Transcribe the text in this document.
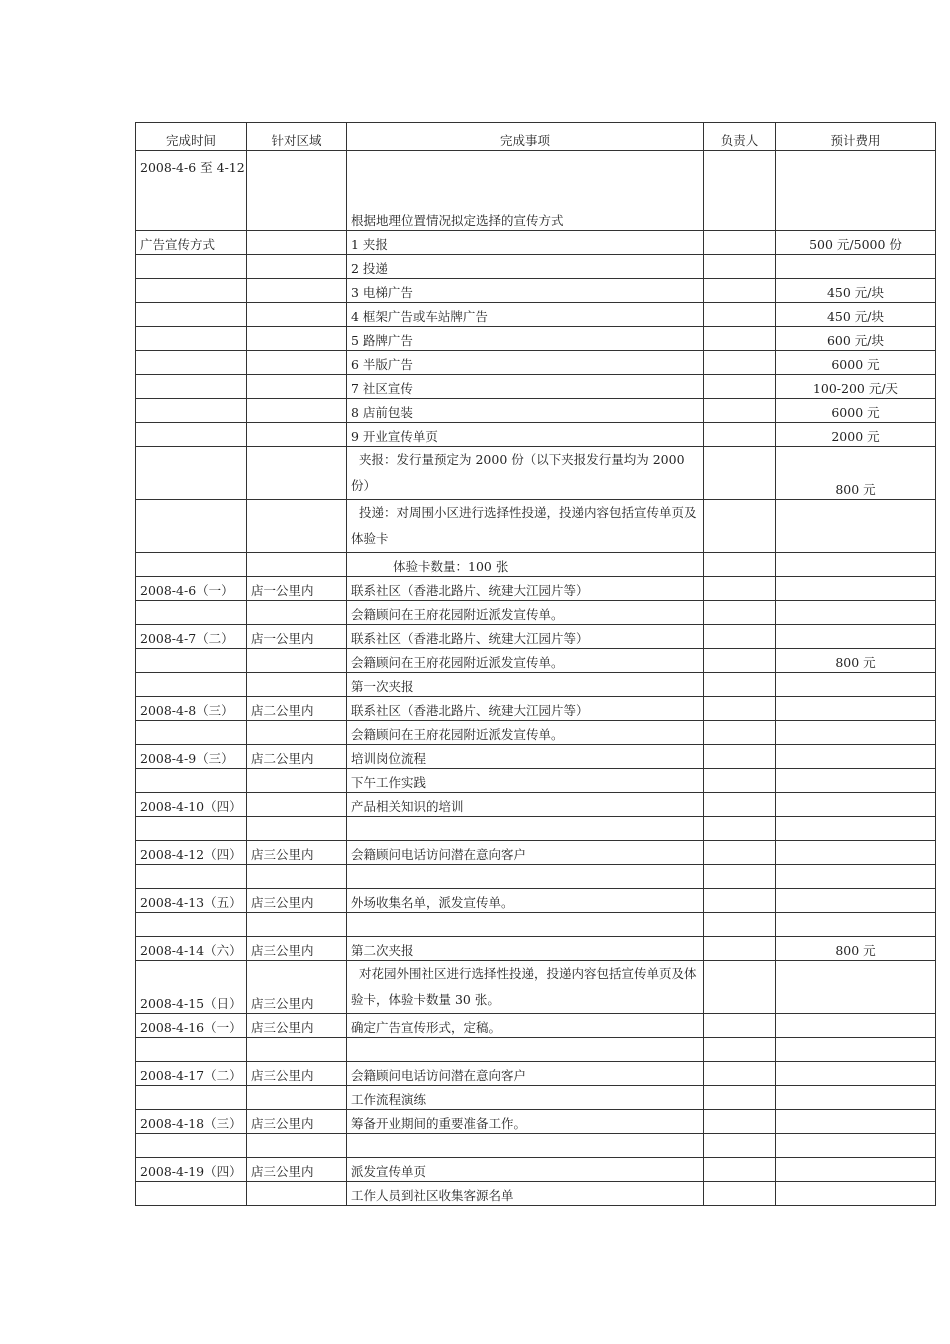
完成时间	针对区域	完成事项	负责人	预计费用
2008-4-6 至 4-12		根据地理位置情况拟定选择的宣传方式		
广告宣传方式		1 夹报		500 元/5000 份
		2 投递		
		3 电梯广告		450 元/块
		4 框架广告或车站牌广告		450 元/块
		5 路牌广告		600 元/块
		6 半版广告		6000 元
		7 社区宣传		100-200 元/天
		8 店前包装		6000 元
		9 开业宣传单页		2000 元
		夹报：发行量预定为 2000 份（以下夹报发行量均为 2000 份）		800 元
		投递：对周围小区进行选择性投递，投递内容包括宣传单页及体验卡		
		体验卡数量：100 张		

2008-4-6（一）	店一公里内	联系社区（香港北路片、统建大江园片等）		

		会籍顾问在王府花园附近派发宣传单。		

2008-4-7（二）	店一公里内	联系社区（香港北路片、统建大江园片等）		

		会籍顾问在王府花园附近派发宣传单。		800 元

		第一次夹报		

2008-4-8（三）	店二公里内	联系社区（香港北路片、统建大江园片等）		

		会籍顾问在王府花园附近派发宣传单。		

2008-4-9（三）	店二公里内	培训岗位流程		

		下午工作实践		

2008-4-10（四）		产品相关知识的培训		

2008-4-12（四）	店三公里内	会籍顾问电话访问潜在意向客户		

2008-4-13（五）	店三公里内	外场收集名单，派发宣传单。		

2008-4-14（六）	店三公里内	第二次夹报		800 元

2008-4-15（日）	店三公里内	对花园外围社区进行选择性投递，投递内容包括宣传单页及体验卡，体验卡数量 30 张。		

2008-4-16（一）	店三公里内	确定广告宣传形式，定稿。		

2008-4-17（二）	店三公里内	会籍顾问电话访问潜在意向客户		

		工作流程演练		

2008-4-18（三）	店三公里内	筹备开业期间的重要准备工作。		

2008-4-19（四）	店三公里内	派发宣传单页		

		工作人员到社区收集客源名单		
